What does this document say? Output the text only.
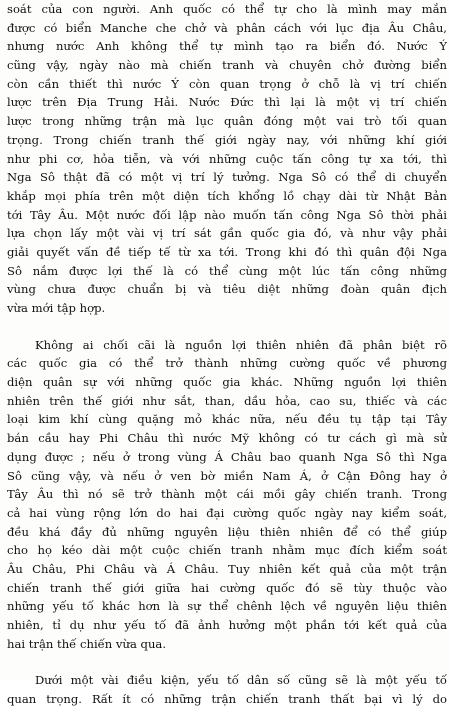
soát của con người. Anh quốc có thể tự cho là mình may mắn
được có biển Manche che chở và phân cách với lục địa Âu Châu,
nhưng nước Anh không thể tự mình tạo ra biển đó. Nước Ý
cũng vậy, ngày nào mà chiến tranh và chuyên chở đường biển
còn cần thiết thì nước Ý còn quan trọng ở chỗ là vị trí chiến
lược trên Địa Trung Hải. Nước Đức thì lại là một vị trí chiến
lược trong những trận mà lục quân đóng một vai trò tối quan
trọng. Trong chiến tranh thế giới ngày nay, với những khí giới
như phi cơ, hỏa tiễn, và với những cuộc tấn công tự xa tới, thì
Nga Sô thật đã có một vị trí lý tưởng. Nga Sô có thể di chuyển
khắp mọi phía trên một diện tích khổng lồ chạy dài từ Nhật Bản
tới Tây Âu. Một nước đối lập nào muốn tấn công Nga Sô thời phải
lựa chọn lấy một vài vị trí sát gần quốc gia đó, và như vậy phải
giải quyết vấn đề tiếp tế từ xa tới. Trong khi đó thì quân đội Nga
Sô nắm được lợi thế là có thể cùng một lúc tấn công những
vùng chưa được chuẩn bị và tiêu diệt những đoàn quân địch
vừa mới tập hợp.
Không ai chối cãi là nguồn lợi thiên nhiên đã phân biệt rõ
các quốc gia có thể trở thành những cường quốc về phương
diện quân sự với những quốc gia khác. Những nguồn lợi thiên
nhiên trên thế giới như sắt, than, dầu hỏa, cao su, thiếc và các
loại kim khí cùng quặng mỏ khác nữa, nếu đều tụ tập tại Tây
bán cầu hay Phi Châu thì nước Mỹ không có tư cách gì mà sử
dụng được ; nếu ở trong vùng Á Châu bao quanh Nga Sô thì Nga
Sô cũng vậy, và nếu ở ven bờ miền Nam Á, ở Cận Đông hay ở
Tây Âu thì nó sẽ trở thành một cái mồi gây chiến tranh. Trong
cả hai vùng rộng lớn do hai đại cường quốc ngày nay kiểm soát,
đều khá đầy đủ những nguyên liệu thiên nhiên để có thể giúp
cho họ kéo dài một cuộc chiến tranh nhằm mục đích kiểm soát
Âu Châu, Phi Châu và Á Châu. Tuy nhiên kết quả của một trận
chiến tranh thế giới giữa hai cường quốc đó sẽ tùy thuộc vào
những yếu tố khác hơn là sự thể chênh lệch về nguyên liệu thiên
nhiên, tỉ dụ như yếu tố đã ảnh hưởng một phần tới kết quả của
hai trận thế chiến vừa qua.
Dưới một vài điều kiện, yếu tố dân số cũng sẽ là một yếu tố
quan trọng. Rất ít có những trận chiến tranh thất bại vì lý do
